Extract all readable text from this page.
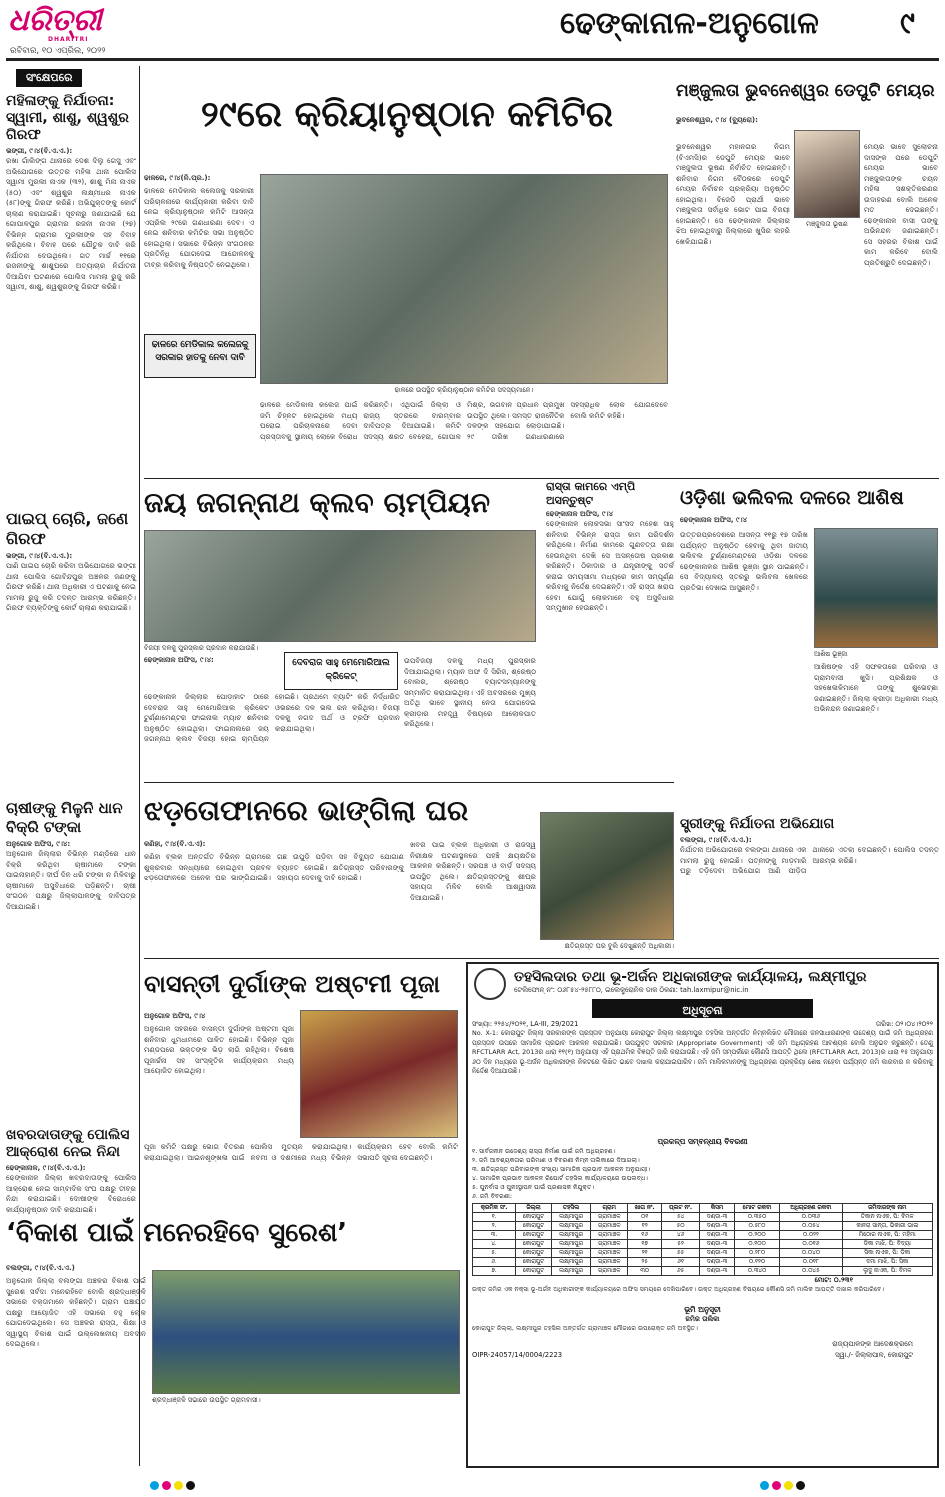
ଧରିତ୍ରୀ
DHARITRI
ରବିବାର, ୧୦ ଏପ୍ରିଲ, ୨୦୨୨
ଢେଙ୍କାନାଳ-ଅନୁଗୋଳ	୯
ସଂକ୍ଷେପରେ
ମହିଳାଙ୍କୁ ନିର୍ଯାତନା: ସ୍ୱାମୀ, ଶାଶୁ, ଶ୍ୱଶୁର ଗିରଫ
ଭଙ୍ଗୀ, ୯।୪(ବି.ଏ.ଏ.):
ରଖା ଗାଁଲିଙ୍ଗ ଥାନାରେ ଦେଶ ଦିଲୁ ଗେସୁ ଏବଂ ଅଭିଯୋଗରେ ଉତ୍ତର ମହିଳା ଥାନା ପୋଲିସ ସ୍ୱାମୀ ମୁରଲୀ ନାଏକ (୩୨), ଶାଶୁ ମିନା ନାଏକ (୫୦) ଏବଂ ଶ୍ୱଶୁର ଲକ୍ଷ୍ମୀଧର ନାଏକ (୫୮)ଙ୍କୁ ଗିରଫ କରିଛି। ଅଭିଯୁକ୍ତଙ୍କୁ କୋର୍ଟ ଚାଲାଣ କରାଯାଇଛି। ସୂଚନାରୁ ଜଣାଯାଇଛି ଯେ ଗୋପାଳପୁର ଗ୍ରାମର ରଜନୀ ନାଏକ (୨୭) ବିଭିନ୍ନ ଗ୍ରାମର ମୁରଲୀଙ୍କ ସହ ବିବାହ କରିଥିଲେ। ବିବାହ ପରେ ଯୌତୁକ ଦାବି କରି ନିର୍ଯାତନା ଦେଉଥିଲେ। ଗତ ମାର୍ଚ୍ଚ ୧୧ରେ ରଜନୀଙ୍କୁ ଶାଶୁଘରେ ଅତ୍ୟାଚାର ନିର୍ଯାତନା ଦିଆଯିବା ଘଟଣାରେ ପୋଲିସ ମାମଲା ରୁଜୁ କରି ସ୍ୱାମୀ, ଶାଶୁ, ଶ୍ୱଶୁରଙ୍କୁ ଗିରଫ କରିଛି।
ପାଇପ୍ ଚୋରି, ଜଣେ ଗିରଫ
ଭଙ୍ଗୀ, ୯।୪(ବି.ଏ.ଏ.):
ପାଣି ପାଇପ ଚୋରି କରିବା ଅଭିଯୋଗରେ ଭଙ୍ଗୀ ଥାନା ପୋଲିସ ଗୋବିନ୍ଦପୁର ଅଞ୍ଚଳର ଜଣଙ୍କୁ ଗିରଫ କରିଛି। ଥାନା ଅଧିକାରୀ ଏ ଘଟଣାକୁ ନେଇ ମାମଲା ରୁଜୁ କରି ତଦନ୍ତ ଆରମ୍ଭ କରିଛନ୍ତି। ଗିରଫ ବ୍ୟକ୍ତିଙ୍କୁ କୋର୍ଟ ଚାଲାଣ କରାଯାଇଛି।
ଚାଷୀଙ୍କୁ ମିଳୁନି ଧାନ ବିକ୍ରି ଟଙ୍କା
ଅନୁଗୋଳ ଅଫିସ, ୯।୪:
ଅନୁଗୋଳ ଜିଲ୍ଲାର ବିଭିନ୍ନ ମଣ୍ଡିରେ ଧାନ ବିକ୍ରି କରିଥିବା ଚାଷୀମାନେ ଟଙ୍କା ପାଇନାହାନ୍ତି। ଦୀର୍ଘ ଦିନ ଧରି ଟଙ୍କା ନ ମିଳିବାରୁ ଚାଷୀମାନେ ଅସୁବିଧାରେ ପଡ଼ିଛନ୍ତି। ଚାଷୀ ସଂଗଠନ ପକ୍ଷରୁ ଜିଲ୍ଲାପାଳଙ୍କୁ ଦାବିପତ୍ର ଦିଆଯାଇଛି।
ଖବରଦାତାଙ୍କୁ ପୋଲିସ ଆକ୍ରୋଶ ନେଇ ନିନ୍ଦା
ଢେଙ୍କାନାଳ, ୯।୪(ବି.ଏ.ଏ.):
ଢେଙ୍କାନାଳ ଜିଲ୍ଲା ଖବରଦାତାଙ୍କୁ ପୋଲିସ ଆକ୍ରୋଶ ନେଇ ସାମ୍ବାଦିକ ସଂଘ ପକ୍ଷରୁ ତୀବ୍ର ନିନ୍ଦା କରାଯାଇଛି। ଦୋଷୀଙ୍କ ବିରୋଧରେ କାର୍ଯ୍ୟାନୁଷ୍ଠାନ ଦାବି କରାଯାଇଛି।
୨୯ରେ କ୍ରିୟାନୁଷ୍ଠାନ କମିଟିର
ଢାଳରେ, ୯।୪(ନି.ପ୍ର.):
ଢାଳରେ ମେଡିକାଲ କଲେଜକୁ ସରକାରୀ ପରିଚାଳନାରେ କାର୍ଯ୍ୟକାରୀ କରିବା ଦାବି ନେଇ କ୍ରିୟାନୁଷ୍ଠାନ କମିଟି ଆସନ୍ତା ଏପ୍ରିଲ ୨୯ରେ ଗଣଧାରଣା ଦେବ। ଏ ନେଇ ଶନିବାର କମିଟିର ସଭା ଅନୁଷ୍ଠିତ ହୋଇଥିଲା। ସଭାରେ ବିଭିନ୍ନ ସଂଗଠନର ପ୍ରତିନିଧି ଯୋଗଦେଇ ଆନ୍ଦୋଳନକୁ ତୀବ୍ର କରିବାକୁ ନିଷ୍ପତ୍ତି ନେଇଥିଲେ।
ଢାଳରେ ଉପସ୍ଥିତ କ୍ରିୟାନୁଷ୍ଠାନ କମିଟିର ସଦସ୍ୟମାନେ।
ଢାଳରେ ମେଡିକାଲ କଲେଜକୁ ସରକାର ହାତକୁ ନେବା ଦାବି
ଢାଳରେ ମେଡିକାଲ କଲେଜ ପାଇଁ ଜମି ଚିହ୍ନଟ ହୋଇଥିଲେ ମଧ୍ୟ ଘରୋଇ ପରିଚାଳନାରେ ଦେବା ପ୍ରସ୍ତାବକୁ ସ୍ଥାନୀୟ ଲୋକେ ବିରୋଧ କରିଛନ୍ତି। ଏଥିପାଇଁ ଜିଲ୍ଲା ଓ ରାଜ୍ୟ ସ୍ତରରେ ବାରମ୍ବାର ଦାବିପତ୍ର ଦିଆଯାଇଛି। କମିଟି ସଦସ୍ୟ ଶରତ ବେହେରା, ଗୋପାଳ ମିଶ୍ର, ଭଗବାନ ପ୍ରଧାନ ପ୍ରମୁଖ ଉପସ୍ଥିତ ଥିଲେ। ସମସ୍ତ ରାଜନୈତିକ ଦଳଙ୍କ ସହଯୋଗ ଲୋଡ଼ାଯାଇଛି। ୨୯ ତାରିଖ ଗଣଧାରଣାରେ ସହସ୍ରାଧିକ ଲୋକ ଯୋଗଦେବେ ବୋଲି କମିଟି କହିଛି।
ମଞ୍ଜୁଲତା ଭୁବନେଶ୍ୱର ଡେପୁଟି ମେୟର
ଭୁବନେଶ୍ୱର, ୯।୪ (ବ୍ୟୁରୋ):
ମଞ୍ଜୁଲତା ଭୂଷଣ
ଭୁବନେଶ୍ୱର ମହାନଗର ନିଗମ (ବିଏମସି)ର ଡେପୁଟି ମେୟର ଭାବେ ମଞ୍ଜୁଲତା ଭୂଷଣ ନିର୍ବାଚିତ ହୋଇଛନ୍ତି। ଶନିବାର ନିଗମ ବୈଠକରେ ଡେପୁଟି ମେୟର ନିର୍ବାଚନ ପ୍ରକ୍ରିୟା ଅନୁଷ୍ଠିତ ହୋଇଥିଲା। ବିଜେଡି ପ୍ରାର୍ଥୀ ଭାବେ ମଞ୍ଜୁଲତା ସର୍ବାଧିକ ଭୋଟ ପାଇ ବିଜୟୀ ହୋଇଛନ୍ତି। ସେ ଢେଙ୍କାନାଳ ଜିଲ୍ଲାର ଝିଅ ହୋଇଥିବାରୁ ଜିଲ୍ଲାରେ ଖୁସିର ଲହରି ଖେଳିଯାଇଛି।
ମେୟର ଭାବେ ସୁଲୋଚନା ଦାସଙ୍କ ପରେ ଡେପୁଟି ମେୟର ଭାବେ ମଞ୍ଜୁଲତାଙ୍କ ଚୟନ ମହିଳା ସଶକ୍ତିକରଣର ଉଦାହରଣ ବୋଲି ଅନେକ ମତ ଦେଇଛନ୍ତି। ଢେଙ୍କାନାଳ ବାସୀ ତାଙ୍କୁ ଅଭିନନ୍ଦନ ଜଣାଇଛନ୍ତି। ସେ ସହରର ବିକାଶ ପାଇଁ କାମ କରିବେ ବୋଲି ପ୍ରତିଶ୍ରୁତି ଦେଇଛନ୍ତି।
ଜୟ ଜଗନ୍ନାଥ କ୍ଲବ ଚାମ୍ପିୟନ
ବିଜୟୀ ଦଳକୁ ପୁରସ୍କାର ପ୍ରଦାନ କରାଯାଉଛି।
ଢେଙ୍କାନାଳ ଅଫିସ, ୯।୪:	ଦେବରାଜ ସାହୁ ମେମୋରିଆଲ କ୍ରିକେଟ୍
ଢେଙ୍କାନାଳ ଜିଲ୍ଲାର ପୋଡ଼ାହାଟ ଠାରେ ଦେବରାଜ ସାହୁ ମେମୋରିଆଲ କ୍ରିକେଟ ଟୁର୍ଣ୍ଣାମେଣ୍ଟର ଫାଇନାଲ ମ୍ୟାଚ ଶନିବାର ଅନୁଷ୍ଠିତ ହୋଇଥିଲା। ଫାଇନାଲରେ ଜୟ ଜଗନ୍ନାଥ କ୍ଲବ ବିଜୟୀ ହୋଇ ଚାମ୍ପିୟନ ହୋଇଛି। ପ୍ରଥମେ ବ୍ୟାଟିଂ କରି ନିର୍ଦ୍ଧାରିତ ଓଭରରେ ଦଳ ଭଲ ରନ କରିଥିଲା। ବିଜୟୀ ଦଳକୁ ନଗଦ ଅର୍ଥ ଓ ଟ୍ରଫି ପ୍ରଦାନ କରାଯାଇଥିଲା।
ଉପବିଜୟୀ ଦଳକୁ ମଧ୍ୟ ପୁରସ୍କାର ଦିଆଯାଇଥିଲା। ମ୍ୟାନ ଅଫ ଦି ସିରିଜ, ଶ୍ରେଷ୍ଠ ବୋଲର, ଶ୍ରେଷ୍ଠ ବ୍ୟାଟସମ୍ୟାନଙ୍କୁ ସମ୍ମାନିତ କରାଯାଇଥିଲା। ଏହି ଅବସରରେ ମୁଖ୍ୟ ଅତିଥି ଭାବେ ସ୍ଥାନୀୟ ନେତା ଯୋଗଦେଇ କ୍ରୀଡ଼ାର ମହତ୍ତ୍ୱ ବିଷୟରେ ଆଲୋକପାତ କରିଥିଲେ।
ରାସ୍ତା କାମରେ ଏମ୍‌ପି ଅସନ୍ତୁଷ୍ଟ
ଢେଙ୍କାନାଳ ଅଫିସ, ୯।୪
ଢେଙ୍କାନାଳ ଲୋକସଭା ସାଂସଦ ମହେଶ ସାହୁ ଶନିବାର ବିଭିନ୍ନ ରାସ୍ତା କାମ ପରିଦର୍ଶନ କରିଥିଲେ। ନିର୍ମାଣ କାମରେ ଗୁଣବତ୍ତା ରକ୍ଷା ହେଉନଥିବା ଦେଖି ସେ ଅସନ୍ତୋଷ ପ୍ରକାଶ କରିଛନ୍ତି। ଠିକାଦାର ଓ ଯନ୍ତ୍ରୀଙ୍କୁ ସତର୍କ କରାଇ ସମୟସୀମା ମଧ୍ୟରେ କାମ ସମ୍ପୂର୍ଣ୍ଣ କରିବାକୁ ନିର୍ଦ୍ଦେଶ ଦେଇଛନ୍ତି। ଏହି ରାସ୍ତା ଖରାପ ହେବା ଯୋଗୁଁ ଲୋକମାନେ ବହୁ ଅସୁବିଧାର ସମ୍ମୁଖୀନ ହେଉଛନ୍ତି।
ଓଡ଼ିଶା ଭଲିବଲ ଦଳରେ ଆଶିଷ
ଢେଙ୍କାନାଳ ଅଫିସ, ୯।୪
ଉତ୍ତରପ୍ରଦେଶରେ ଆସନ୍ତା ୧୧ରୁ ୧୭ ତାରିଖ ପର୍ଯ୍ୟନ୍ତ ଅନୁଷ୍ଠିତ ହେବାକୁ ଥିବା ଜାତୀୟ ଭଲିବଲ ଟୁର୍ଣ୍ଣାମେଣ୍ଟରେ ଓଡ଼ିଶା ଦଳରେ ଢେଙ୍କାନାଳର ଆଶିଷ ଭୂଞ୍ଜା ସ୍ଥାନ ପାଇଛନ୍ତି। ସେ ବିଦ୍ୟାଳୟ ସ୍ତରରୁ ଭଲିବଲ ଖେଳରେ ପ୍ରତିଭା ଦେଖାଇ ଆସୁଛନ୍ତି।
ଆଶିଷ ଭୂଞ୍ଜା
ଆଶିଷଙ୍କ ଏହି ସଫଳତାରେ ପରିବାର ଓ ଗ୍ରାମବାସୀ ଖୁସି। ପ୍ରଶିକ୍ଷକ ଓ ସହଖେଳାଳିମାନେ ତାଙ୍କୁ ଶୁଭେଚ୍ଛା ଜଣାଇଛନ୍ତି। ଜିଲ୍ଲା କ୍ରୀଡ଼ା ଅଧିକାରୀ ମଧ୍ୟ ଅଭିନନ୍ଦନ ଜଣାଇଛନ୍ତି।
ଝଡ଼ତୋଫାନରେ ଭାଙ୍ଗିଲା ଘର
କଣିହା, ୯।୪(ବି.ଏ.ଏ):
କଣିହା ବ୍ଲକ ଅନ୍ତର୍ଗତ ବିଭିନ୍ନ ଗ୍ରାମରେ ଶୁକ୍ରବାର ସନ୍ଧ୍ୟାରେ ହୋଇଥିବା ପ୍ରବଳ ଝଡ଼ତୋଫାନରେ ଅନେକ ଘର ଭାଙ୍ଗିଯାଇଛି। ଗଛ ଉପୁଡ଼ି ପଡ଼ିବା ସହ ବିଦ୍ୟୁତ ଯୋଗାଣ ବ୍ୟାହତ ହୋଇଛି। କ୍ଷତିଗ୍ରସ୍ତ ପରିବାରଙ୍କୁ ସହାୟତା ଦେବାକୁ ଦାବି ହୋଇଛି।
ଖବର ପାଇ ବ୍ଲକ ଅଧିକାରୀ ଓ ରାଜସ୍ୱ ନିରୀକ୍ଷକ ଘଟଣାସ୍ଥଳରେ ପହଞ୍ଚି କ୍ଷୟକ୍ଷତିର ଆକଳନ କରିଛନ୍ତି। ସରପଞ୍ଚ ଓ ବାର୍ଡ଼ ସଦସ୍ୟ ଉପସ୍ଥିତ ଥିଲେ। କ୍ଷତିଗ୍ରସ୍ତଙ୍କୁ ଶୀଘ୍ର ସହାୟତା ମିଳିବ ବୋଲି ଆଶ୍ୱାସନା ଦିଆଯାଇଛି।
କ୍ଷତିଗ୍ରସ୍ତ ଘର ବୁଲି ଦେଖୁଛନ୍ତି ଅଧିକାରୀ।
ସ୍ତ୍ରୀଙ୍କୁ ନିର୍ଯାତନା ଅଭିଯୋଗ
ବଲଙ୍ଗା, ୯।୪(ବି.ଏ.ଏ.):
ନିର୍ଯାତନା ଅଭିଯୋଗରେ ବଲଙ୍ଗା ଥାନାରେ ଏକ ମାମଲା ରୁଜୁ ହୋଇଛି। ପତ୍ନୀଙ୍କୁ ମାଡ଼ମାରି ଘରୁ ତଡ଼ିଦେବା ଅଭିଯୋଗ ଆଣି ପୀଡ଼ିତା ଥାନାରେ ଏତଲା ଦେଇଛନ୍ତି। ପୋଲିସ ତଦନ୍ତ ଆରମ୍ଭ କରିଛି।
ବାସନ୍ତୀ ଦୁର୍ଗାଙ୍କ ଅଷ୍ଟମୀ ପୂଜା
ଅନୁଗୋଳ ଅଫିସ, ୯।୪
ଅନୁଗୋଳ ସହରରେ ବାସନ୍ତୀ ଦୁର୍ଗାଙ୍କ ଅଷ୍ଟମୀ ପୂଜା ଶନିବାର ଧୁମଧାମରେ ପାଳିତ ହୋଇଛି। ବିଭିନ୍ନ ପୂଜା ମଣ୍ଡପରେ ଭକ୍ତଙ୍କ ଭିଡ଼ ଲାଗି ରହିଥିଲା। ବିଶେଷ ପୂଜାର୍ଚ୍ଚନା ସହ ସାଂସ୍କୃତିକ କାର୍ଯ୍ୟକ୍ରମ ମଧ୍ୟ ଆୟୋଜିତ ହୋଇଥିଲା।
ପୂଜା କମିଟି ପକ୍ଷରୁ ଭୋଗ ବିତରଣ କରାଯାଇଥିଲା। ଆଇନଶୃଙ୍ଖଳା ପାଇଁ ପୋଲିସ ମୁତୟନ କରାଯାଇଥିଲା। ନବମୀ ଓ ଦଶମୀରେ ମଧ୍ୟ ବିଭିନ୍ନ କାର୍ଯ୍ୟକ୍ରମ ହେବ ବୋଲି କମିଟି ସଭାପତି ସୂଚନା ଦେଇଛନ୍ତି।
‘ବିକାଶ ପାଇଁ ମନେରହିବେ ସୁରେଶ’
ବଲଙ୍ଗା, ୯।୪(ବି.ଏ.ଏ.)
ଅନୁଗୋଳ ଜିଲ୍ଲା ବଲଙ୍ଗା ଅଞ୍ଚଳର ବିକାଶ ପାଇଁ ସୁରେଶ ସର୍ବଦା ମନେରହିବେ ବୋଲି ଶ୍ରଦ୍ଧାଞ୍ଜଳି ସଭାରେ ବକ୍ତାମାନେ କହିଛନ୍ତି। ଗ୍ରାମ ପଞ୍ଚାୟତ ପକ୍ଷରୁ ଆୟୋଜିତ ଏହି ସଭାରେ ବହୁ ଲୋକ ଯୋଗଦେଇଥିଲେ। ସେ ଅଞ୍ଚଳର ରାସ୍ତା, ଶିକ୍ଷା ଓ ସ୍ୱାସ୍ଥ୍ୟ ବିକାଶ ପାଇଁ ଉଲ୍ଲେଖନୀୟ ଅବଦାନ ଦେଇଥିଲେ।
ଶ୍ରଦ୍ଧାଞ୍ଜଳି ସଭାରେ ଉପସ୍ଥିତ ଗ୍ରାମବାସୀ।
ତହସିଲଦାର ତଥା ଭୂ-ଅର୍ଜନ ଅଧିକାରୀଙ୍କ କାର୍ଯ୍ୟାଳୟ, ଲକ୍ଷ୍ମୀପୁର
ଟେଲିଫୋନ୍ ନଂ: ୦୬୮୫୪-୨୫୮୮୦, ଇଲେକ୍ଟ୍ରୋନିକ ଡାକ ଠିକଣା: tah.laxmipur@nic.in
ଅଧିସୂଚନା
ସଂଖ୍ୟା: ୨୨୫୪/୨୦୨୧, LA-III, 29/2021	ତାରିଖ: ୦୨।୦୪।୨୦୨୨
No. X-1: କୋରାପୁଟ ଜିଲ୍ଲା ସରକାରଙ୍କ ପ୍ରସ୍ତାବ ଅନୁଯାୟୀ କୋରାପୁଟ ଜିଲ୍ଲା ଲକ୍ଷ୍ମୀପୁର ତହସିଲ ଅନ୍ତର୍ଗତ ନିମ୍ନଲିଖିତ ମୌଜାରେ ଜନସାଧାରଣଙ୍କ ଉଦ୍ଦେଶ୍ୟ ପାଇଁ ଜମି ଅଧିଗ୍ରହଣ ପ୍ରସ୍ତାବ ଉପରେ ସାମାଜିକ ପ୍ରଭାବ ଆକଳନ କରାଯାଇଛି। ଉପଯୁକ୍ତ ସରକାର (Appropriate Government) ଏହି ଜମି ଅଧିଗ୍ରହଣ ଆବଶ୍ୟକ ବୋଲି ଅନୁଭବ କରୁଛନ୍ତି। ତେଣୁ RFCTLARR Act, 2013ର ଧାରା ୧୧(୧) ଅନୁଯାୟୀ ଏହି ପ୍ରାଥମିକ ବିଜ୍ଞପ୍ତି ଜାରି କରାଯାଉଛି। ଏହି ଜମି ସମ୍ପର୍କରେ କୌଣସି ଆପତ୍ତି ଥିଲେ (RFCTLARR Act, 2013)ର ଧାରା ୧୫ ଅନୁଯାୟୀ ୬୦ ଦିନ ମଧ୍ୟରେ ଭୂ-ଅର୍ଜନ ଅଧିକାରୀଙ୍କ ନିକଟରେ ଲିଖିତ ଭାବେ ଦାଖଲ କରାଯାଇପାରିବ। ଜମି ମାଲିକମାନଙ୍କୁ ଅଧିଗ୍ରହଣ ପ୍ରକ୍ରିୟା ଶେଷ ନହେବା ପର୍ଯ୍ୟନ୍ତ ଜମି କାରବାର ନ କରିବାକୁ ନିର୍ଦ୍ଦେଶ ଦିଆଯାଉଛି।
ପ୍ରକଳ୍ପ ସମ୍ବନ୍ଧୀୟ ବିବରଣୀ
୧. ସାର୍ବଜନୀନ ଉଦ୍ଦେଶ୍ୟ ରାସ୍ତା ନିର୍ମାଣ ପାଇଁ ଜମି ଅଧିଗ୍ରହଣ।
୨. ଜମି ଆବଶ୍ୟକତାର ପରିମାଣ ଓ ବିବରଣୀ ନିମ୍ନ ତାଲିକାରେ ଦିଆଗଲା।
୩. କ୍ଷତିଗ୍ରସ୍ତ ପରିବାରଙ୍କ ସଂଖ୍ୟା ସାମାଜିକ ପ୍ରଭାବ ଆକଳନ ଅନୁଯାୟୀ।
୪. ସାମାଜିକ ପ୍ରଭାବ ଆକଳନ ରିପୋର୍ଟ ତହସିଲ କାର୍ଯ୍ୟାଳୟରେ ଉପଲବ୍ଧ।
୫. ପୁନର୍ବାସ ଓ ପୁନଃସ୍ଥାପନ ପାଇଁ ପ୍ରଶାସକ ନିଯୁକ୍ତ।
୬. ଜମି ବିବରଣୀ:
କ୍ରମିକ ସଂ.	ଜିଲ୍ଲା	ତହସିଲ	ଗ୍ରାମ	ଖାତା ନଂ.	ପ୍ଲଟ ନଂ.	କିସମ	ମୋଟ ରକବା	ଅଧିଗ୍ରହଣ ରକବା	ଜମିଦାରଙ୍କ ନାମ
୧.	କୋରାପୁଟ	ଲକ୍ଷ୍ମୀପୁର	ଗ୍ରାମାଞ୍ଚଳ	୦୧	୫୪	ଦଣ୍ଡା-୩	୦.୩୫୦	୦.୦୩୬	ତିକାନ ନାଏକ, ପି: ବିମଳ
୨.	କୋରାପୁଟ	ଲକ୍ଷ୍ମୀପୁର	ଗ୍ରାମାଞ୍ଚଳ	୧୨	୫୦	ଦଣ୍ଡା-୩	୦.୫୮୦	୦.୦୫୪	କାନରା ସାନ୍ତା, ଭିକାରୀ ଭାଇ
୩.	କୋରାପୁଟ	ଲକ୍ଷ୍ମୀପୁର	ଗ୍ରାମାଞ୍ଚଳ	୧୬	୪୬	ଦଣ୍ଡା-୩	୦.୨୦୦	୦.୦୨୨	ମିଠୋର ନାଏକ, ପି: ମହିମା
୪.	କୋରାପୁଟ	ଲକ୍ଷ୍ମୀପୁର	ଗ୍ରାମାଞ୍ଚଳ	୧୭	୫୨	ଦଣ୍ଡା-୩	୦.୧୦୦	୦.୦୧୬	ଡିକା ମାଝି, ପି: ବିଦ୍ୟା
୫.	କୋରାପୁଟ	ଲକ୍ଷ୍ମୀପୁର	ଗ୍ରାମାଞ୍ଚଳ	୨୧	୫୫	ଦଣ୍ଡା-୩	୦.୨୮୦	୦.୦୪୦	ସିକା ନାଏକ, ପି: ଡିକା
୬.	କୋରାପୁଟ	ଲକ୍ଷ୍ମୀପୁର	ଗ୍ରାମାଞ୍ଚଳ	୨୫	୬୧	ଦଣ୍ଡା-୩	୦.୧୨୦	୦.୦୧୮	ଦମା ମାଝି, ପି: ସିକା
୭.	କୋରାପୁଟ	ଲକ୍ଷ୍ମୀପୁର	ଗ୍ରାମାଞ୍ଚଳ	୩୦	୬୫	ଦଣ୍ଡା-୩	୦.୩୪୦	୦.୦୪୫	ଲୁଦୁ ନାଏକ, ପି: ବିମଳ
ମୋଟ: ୦.୨୩୧
ଉକ୍ତ ଜମିର ଏକ ନକ୍ସା ଭୂ-ଅର୍ଜନ ଅଧିକାରୀଙ୍କ କାର୍ଯ୍ୟାଳୟରେ ଅଫିସ ସମୟରେ ଦେଖିପାରିବେ। ଉକ୍ତ ଅଧିଗ୍ରହଣ ବିଷୟରେ କୌଣସି ଜମି ମାଲିକ ଆପତ୍ତି ଦାଖଲ କରିପାରିବେ।
ଭୂମି ଅନୁସୂଚୀ
ଜମିର ତାଲିକା
କୋରାପୁଟ ଜିଲ୍ଲା, ଲକ୍ଷ୍ମୀପୁର ତହସିଲ ଅନ୍ତର୍ଗତ ଗ୍ରାମାଞ୍ଚଳ ମୌଜାରେ ଉପରୋକ୍ତ ଜମି ଅବସ୍ଥିତ।
ରାଜ୍ୟପାଳଙ୍କ ଆଦେଶକ୍ରମେ
OIPR-24057/14/0004/2223	ସ୍ୱା./- ଜିଲ୍ଲାପାଳ, କୋରାପୁଟ
